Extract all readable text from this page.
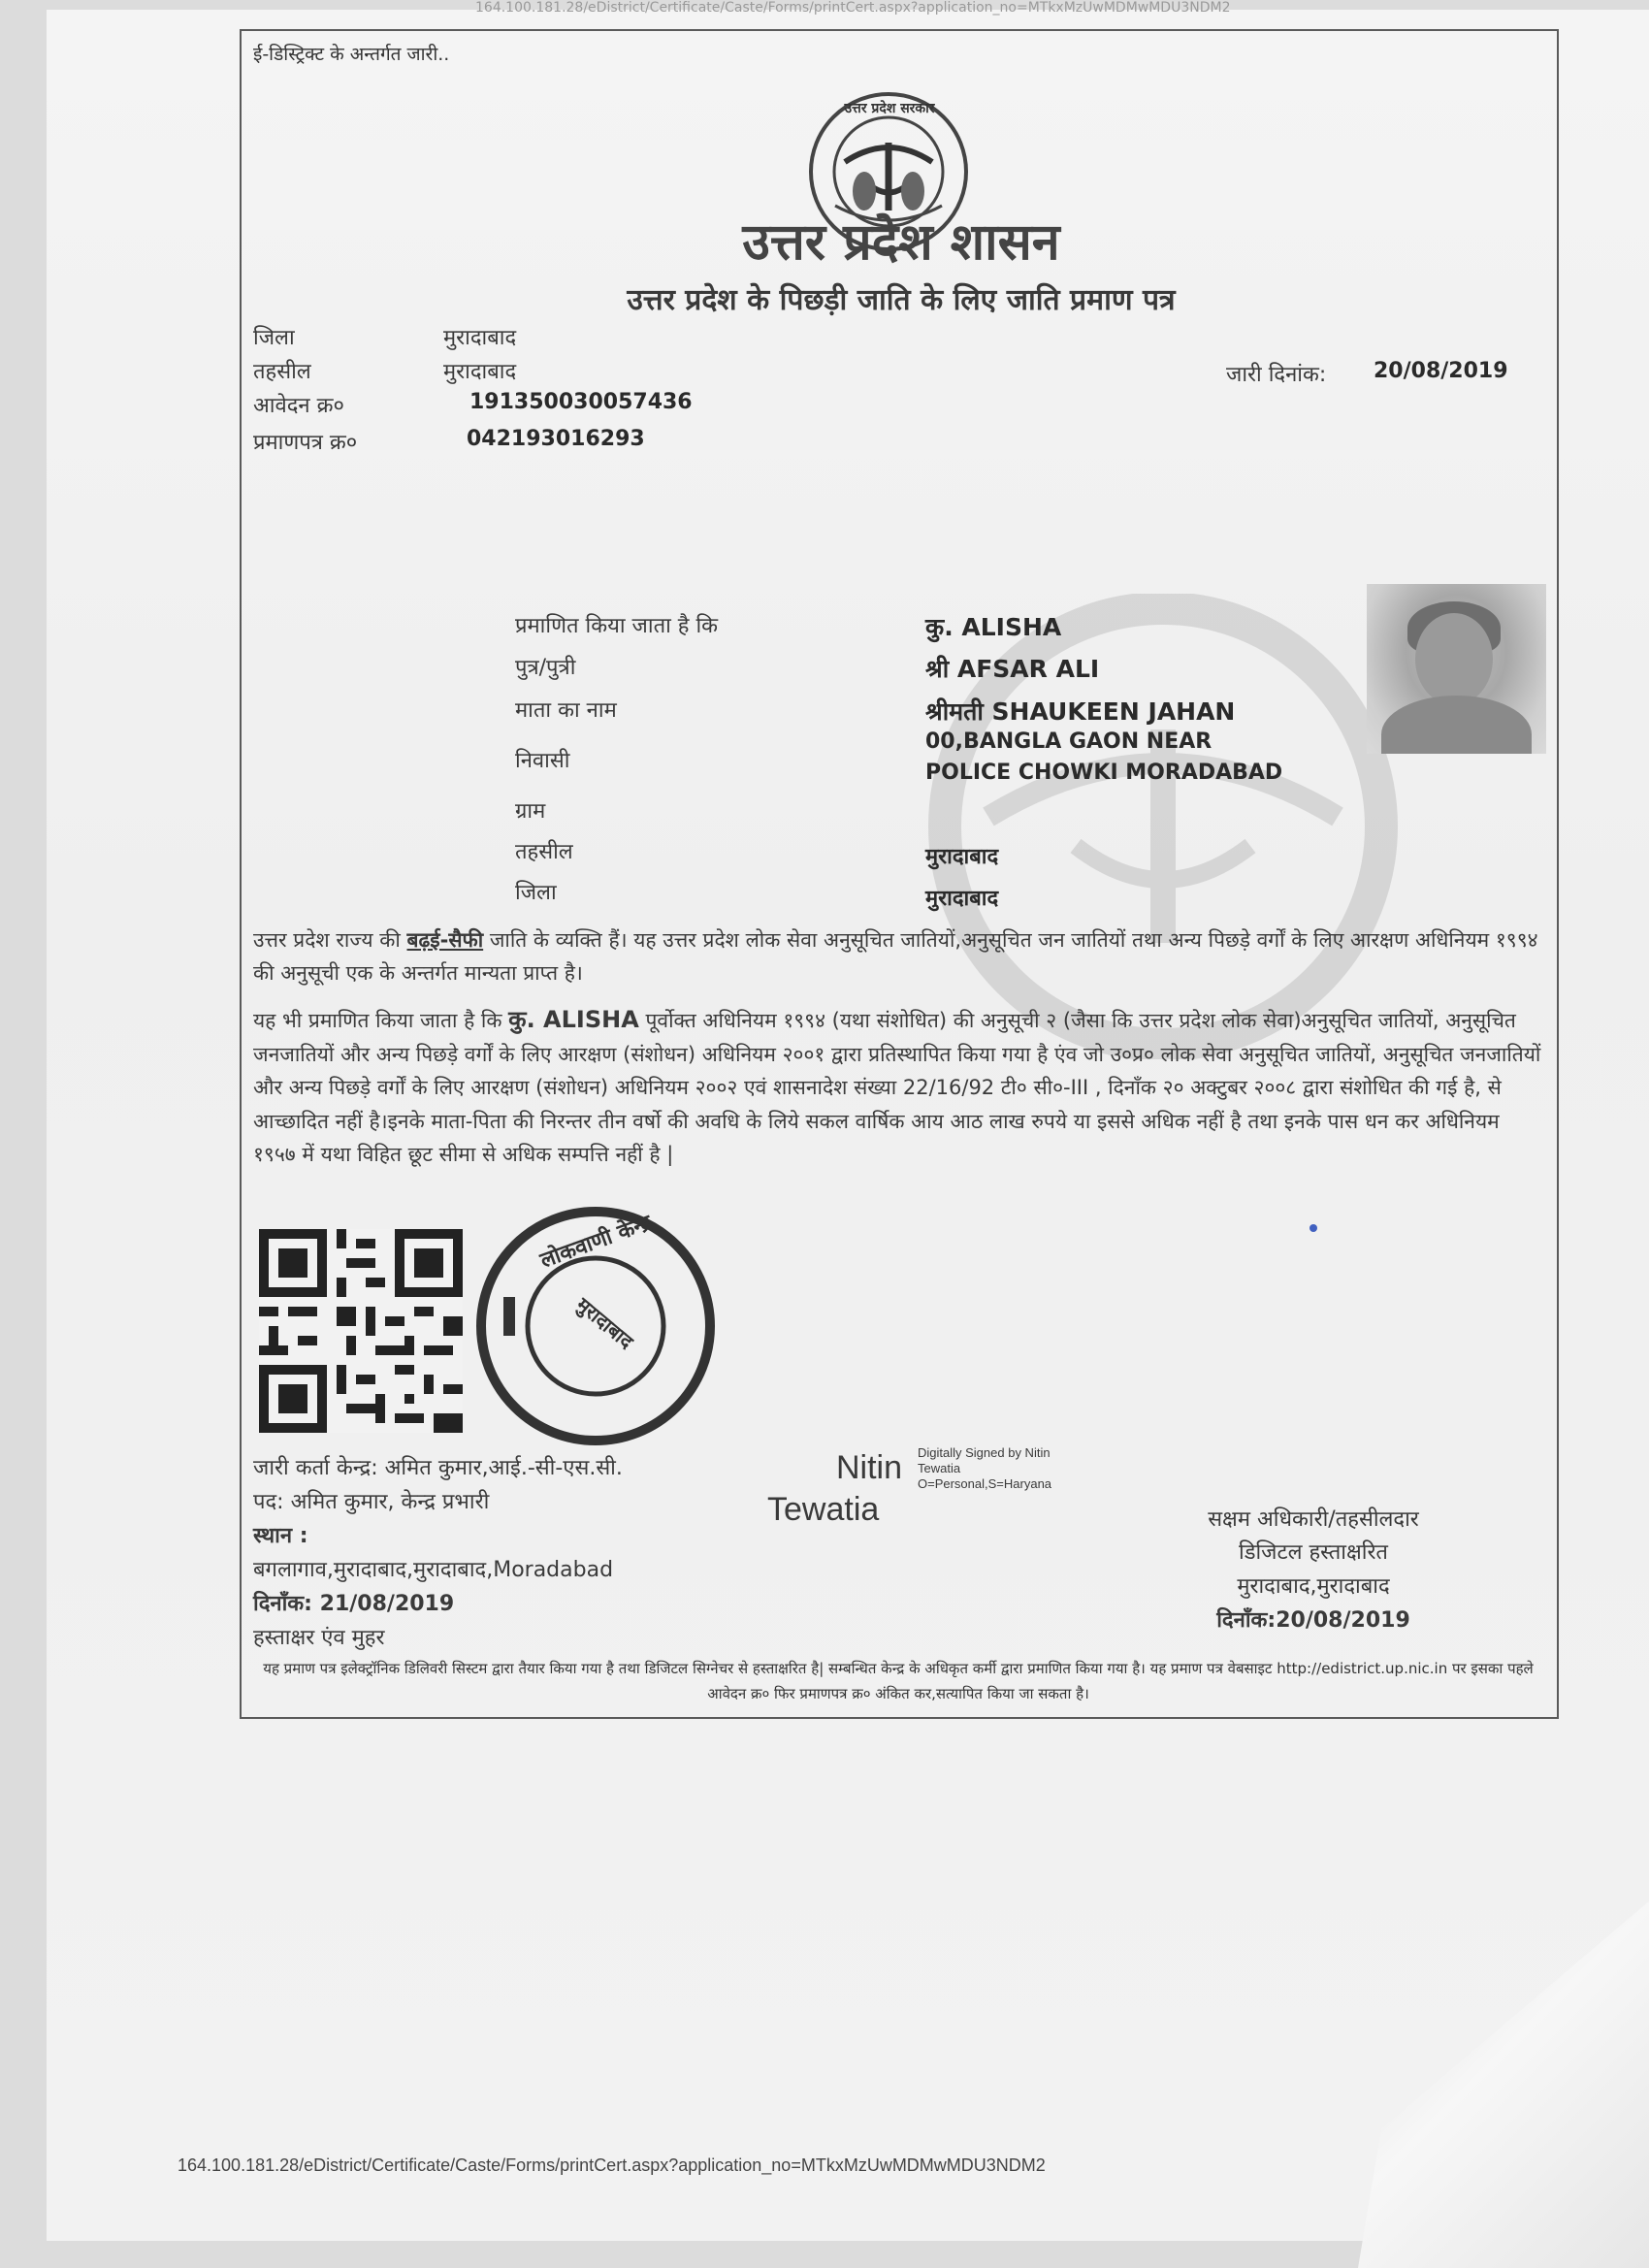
164.100.181.28/eDistrict/Certificate/Caste/Forms/printCert.aspx?application_no=MTkxMzUwMDMwMDU3NDM2
ई-डिस्ट्रिक्ट के अन्तर्गत जारी..
उत्तर प्रदेश सरकार
उत्तर प्रदेश शासन
उत्तर प्रदेश के पिछड़ी जाति के लिए जाति प्रमाण पत्र
जिला	मुरादाबाद
तहसील	मुरादाबाद
आवेदन क्र०	191350030057436
प्रमाणपत्र क्र०	042193016293
जारी दिनांक: 20/08/2019
प्रमाणित किया जाता है कि	कु. ALISHA
पुत्र/पुत्री	श्री AFSAR ALI
माता का नाम	श्रीमती SHAUKEEN JAHAN
निवासी
00,BANGLA GAON NEAR
POLICE CHOWKI MORADABAD
ग्राम
तहसील	मुरादाबाद
जिला	मुरादाबाद
उत्तर प्रदेश राज्य की बढ़ई-सैफी जाति के व्यक्ति हैं। यह उत्तर प्रदेश लोक सेवा अनुसूचित जातियों,अनुसूचित जन जातियों तथा अन्य पिछड़े वर्गों के लिए आरक्षण अधिनियम १९९४ की अनुसूची एक के अन्तर्गत मान्यता प्राप्त है।
यह भी प्रमाणित किया जाता है कि कु. ALISHA पूर्वोक्त अधिनियम १९९४ (यथा संशोधित) की अनुसूची २ (जैसा कि उत्तर प्रदेश लोक सेवा)अनुसूचित जातियों, अनुसूचित जनजातियों और अन्य पिछड़े वर्गों के लिए आरक्षण (संशोधन) अधिनियम २००१ द्वारा प्रतिस्थापित किया गया है एंव जो उ०प्र० लोक सेवा अनुसूचित जातियों, अनुसूचित जनजातियों और अन्य पिछड़े वर्गों के लिए आरक्षण (संशोधन) अधिनियम २००२ एवं शासनादेश संख्या 22/16/92 टी० सी०-III , दिनाँक २० अक्टुबर २००८ द्वारा संशोधित की गई है, से आच्छादित नहीं है।इनके माता-पिता की निरन्तर तीन वर्षो की अवधि के लिये सकल वार्षिक आय आठ लाख रुपये या इससे अधिक नहीं है तथा इनके पास धन कर अधिनियम १९५७ में यथा विहित छूट सीमा से अधिक सम्पत्ति नहीं है |
लोकवाणी केन्द्र
मुरादाबाद
जारी कर्ता केन्द्र: अमित कुमार,आई.-सी-एस.सी.
पद: अमित कुमार, केन्द्र प्रभारी
स्थान :
बगलागाव,मुरादाबाद,मुरादाबाद,Moradabad
दिनाँक: 21/08/2019
हस्ताक्षर एंव मुहर
Nitin
Tewatia
Digitally Signed by Nitin
Tewatia
O=Personal,S=Haryana
सक्षम अधिकारी/तहसीलदार
डिजिटल हस्ताक्षरित
मुरादाबाद,मुरादाबाद
दिनाँक:20/08/2019
यह प्रमाण पत्र इलेक्ट्रॉनिक डिलिवरी सिस्टम द्वारा तैयार किया गया है तथा डिजिटल सिग्नेचर से हस्ताक्षरित है| सम्बन्धित केन्द्र के अधिकृत कर्मी द्वारा प्रमाणित किया गया है। यह प्रमाण पत्र वेबसाइट http://edistrict.up.nic.in पर इसका पहले आवेदन क्र० फिर प्रमाणपत्र क्र० अंकित कर,सत्यापित किया जा सकता है।
164.100.181.28/eDistrict/Certificate/Caste/Forms/printCert.aspx?application_no=MTkxMzUwMDMwMDU3NDM2
